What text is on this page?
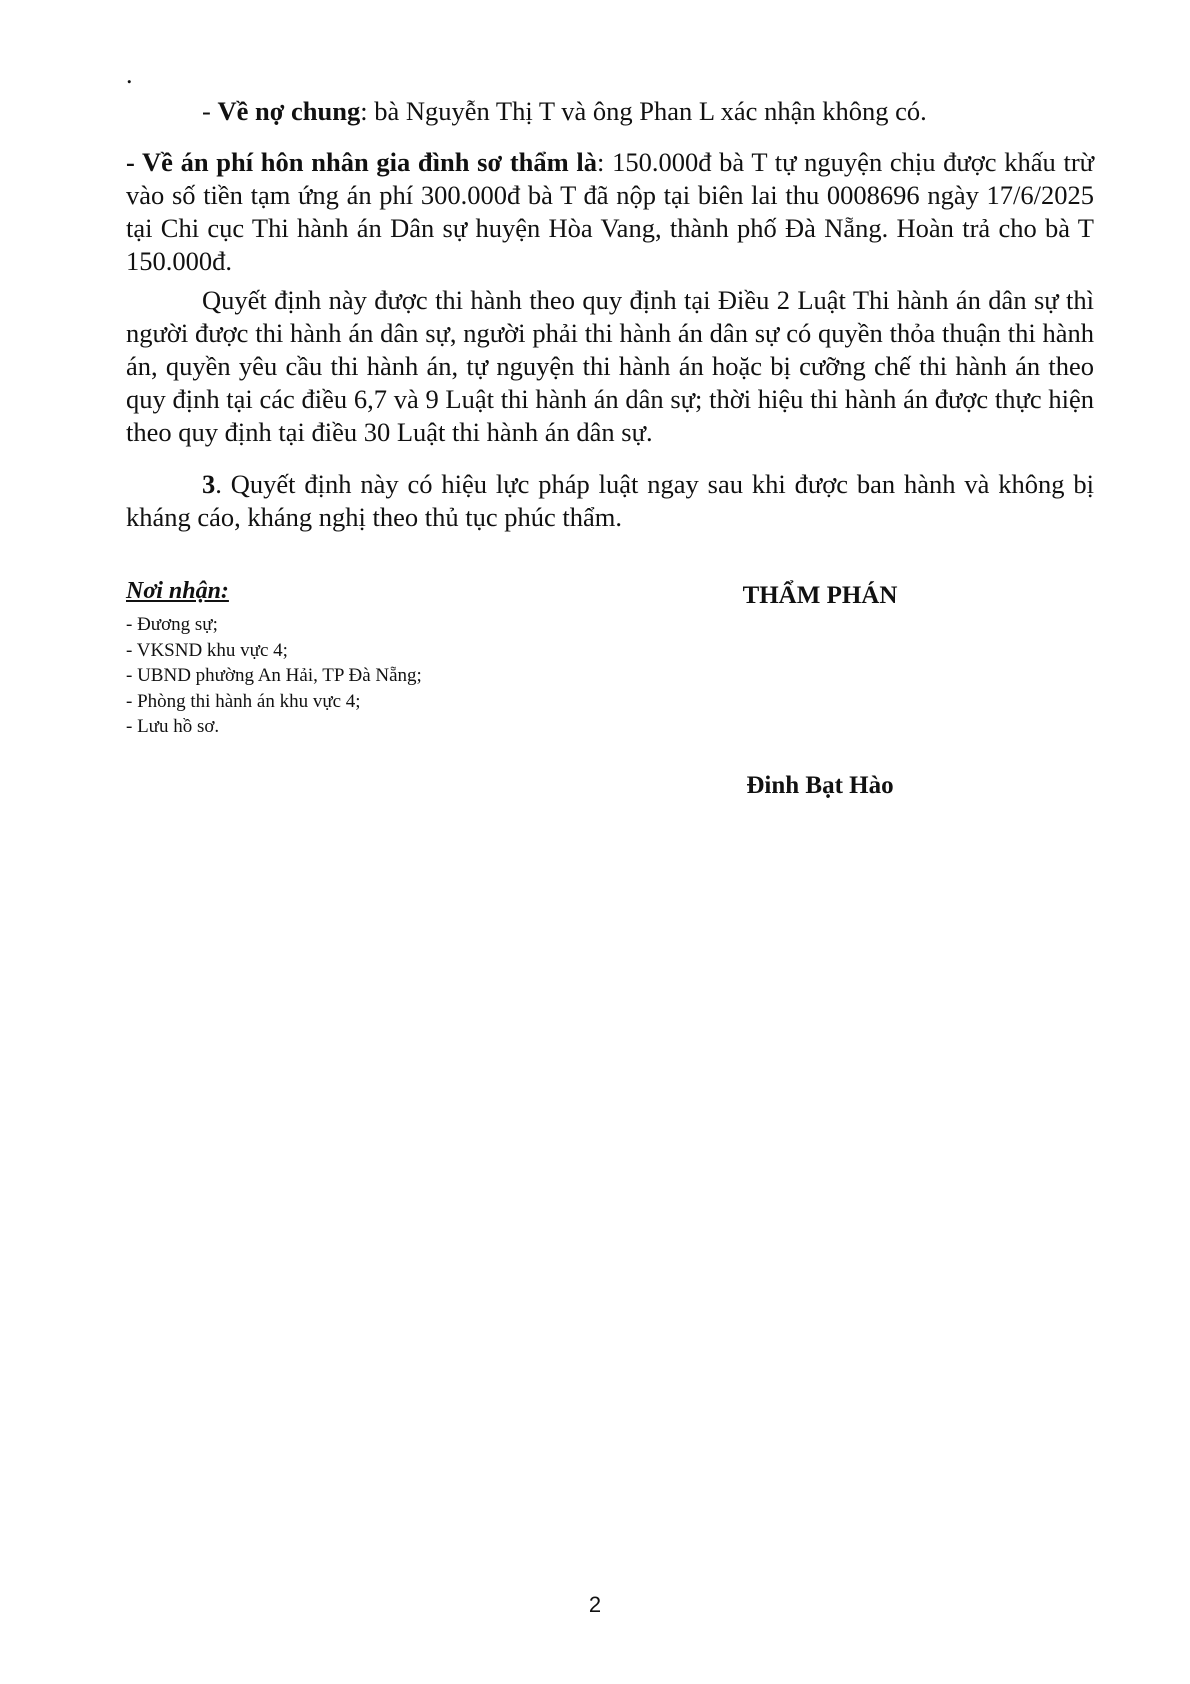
.

- Về nợ chung: bà Nguyễn Thị T và ông Phan L xác nhận không có.

- Về án phí hôn nhân gia đình sơ thẩm là: 150.000đ bà T tự nguyện chịu được khấu trừ vào số tiền tạm ứng án phí 300.000đ bà T đã nộp tại biên lai thu 0008696 ngày 17/6/2025 tại Chi cục Thi hành án Dân sự huyện Hòa Vang, thành phố Đà Nẵng. Hoàn trả cho bà T 150.000đ.

Quyết định này được thi hành theo quy định tại Điều 2 Luật Thi hành án dân sự thì người được thi hành án dân sự, người phải thi hành án dân sự có quyền thỏa thuận thi hành án, quyền yêu cầu thi hành án, tự nguyện thi hành án hoặc bị cưỡng chế thi hành án theo quy định tại các điều 6,7 và 9 Luật thi hành án dân sự; thời hiệu thi hành án được thực hiện theo quy định tại điều 30 Luật thi hành án dân sự.

3. Quyết định này có hiệu lực pháp luật ngay sau khi được ban hành và không bị kháng cáo, kháng nghị theo thủ tục phúc thẩm.

Nơi nhận:

- Đương sự;
- VKSND khu vực 4;
- UBND phường An Hải, TP Đà Nẵng;
- Phòng thi hành án khu vực 4;
- Lưu hồ sơ.

THẨM PHÁN

Đinh Bạt Hào

2
